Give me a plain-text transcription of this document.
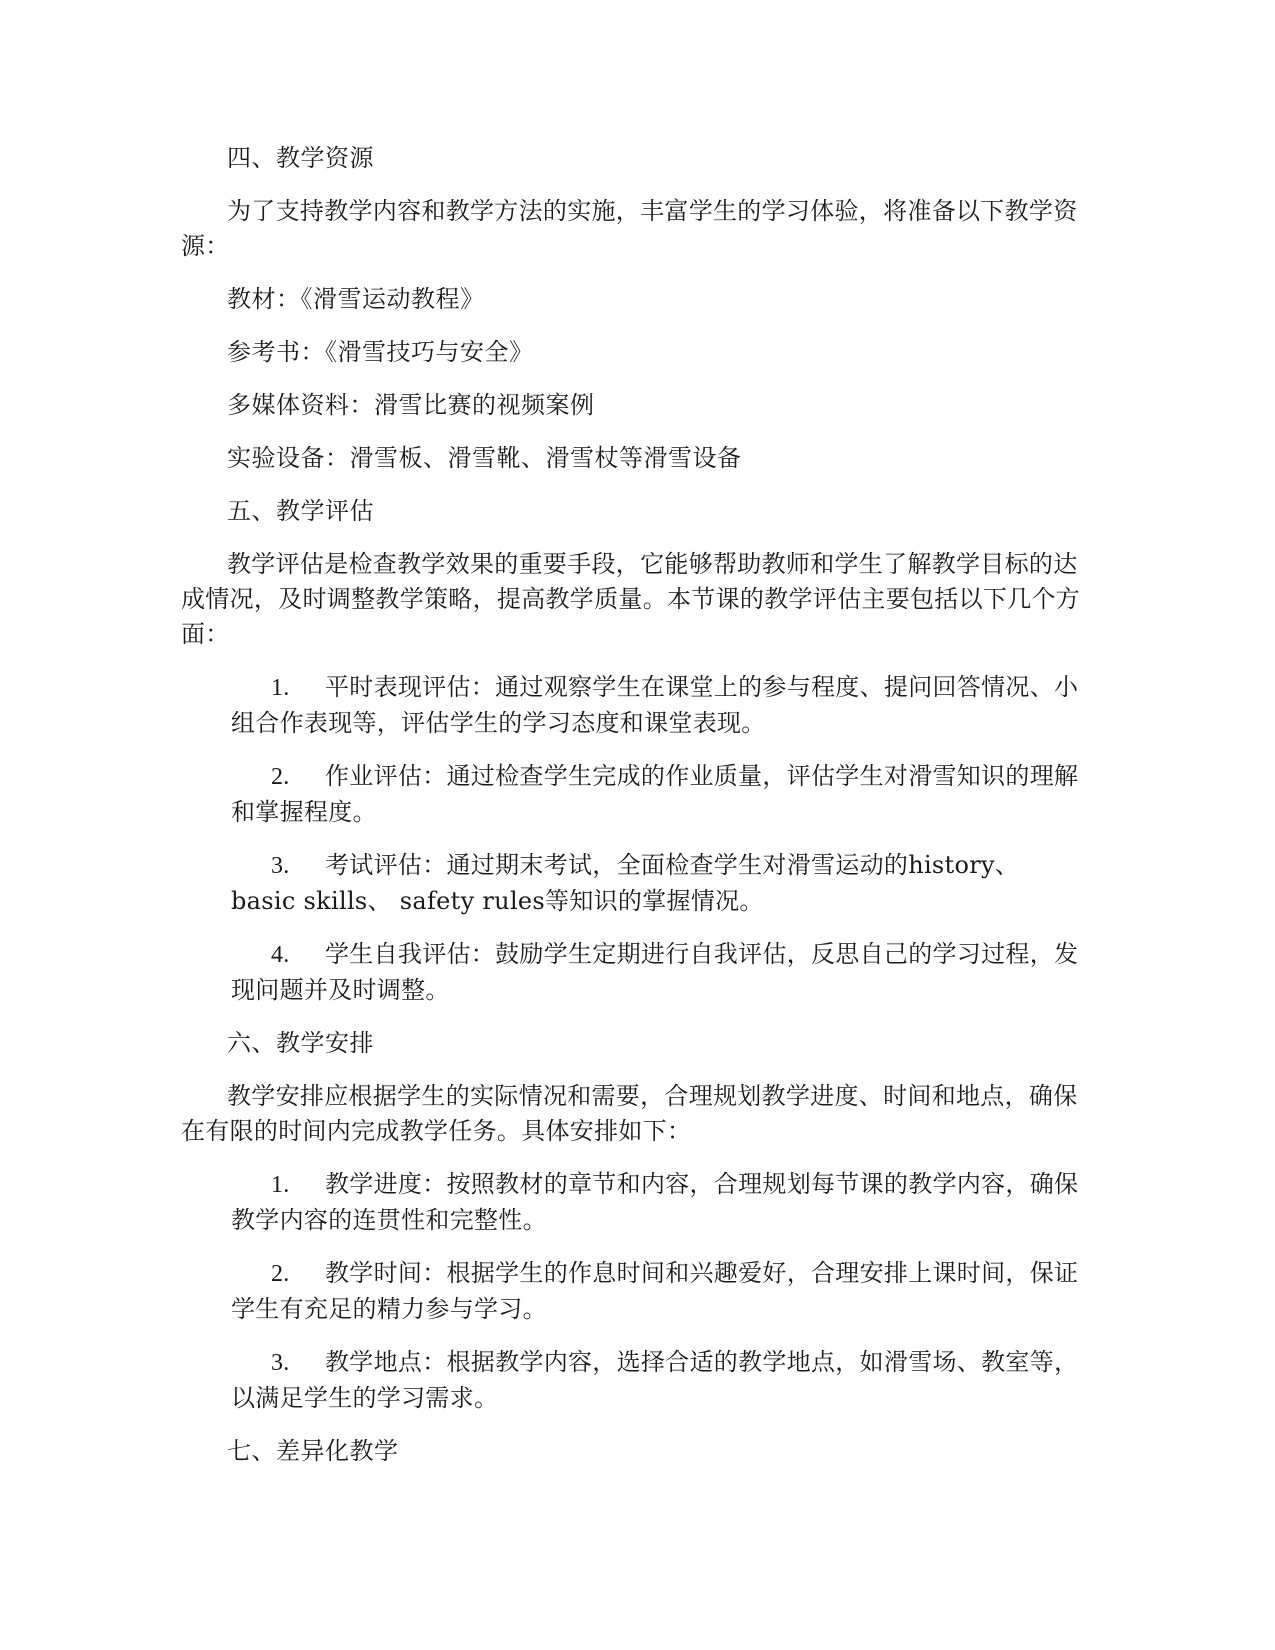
四、教学资源

为了支持教学内容和教学方法的实施，丰富学生的学习体验，将准备以下教学资源：

教材：《滑雪运动教程》

参考书：《滑雪技巧与安全》

多媒体资料：滑雪比赛的视频案例

实验设备：滑雪板、滑雪靴、滑雪杖等滑雪设备

五、教学评估

教学评估是检查教学效果的重要手段，它能够帮助教师和学生了解教学目标的达成情况，及时调整教学策略，提高教学质量。本节课的教学评估主要包括以下几个方面：

1. 平时表现评估：通过观察学生在课堂上的参与程度、提问回答情况、小组合作表现等，评估学生的学习态度和课堂表现。

2. 作业评估：通过检查学生完成的作业质量，评估学生对滑雪知识的理解和掌握程度。

3. 考试评估：通过期末考试，全面检查学生对滑雪运动的history、basic skills、 safety rules等知识的掌握情况。

4. 学生自我评估：鼓励学生定期进行自我评估，反思自己的学习过程，发现问题并及时调整。

六、教学安排

教学安排应根据学生的实际情况和需要，合理规划教学进度、时间和地点，确保在有限的时间内完成教学任务。具体安排如下：

1. 教学进度：按照教材的章节和内容，合理规划每节课的教学内容，确保教学内容的连贯性和完整性。

2. 教学时间：根据学生的作息时间和兴趣爱好，合理安排上课时间，保证学生有充足的精力参与学习。

3. 教学地点：根据教学内容，选择合适的教学地点，如滑雪场、教室等，以满足学生的学习需求。

七、差异化教学
